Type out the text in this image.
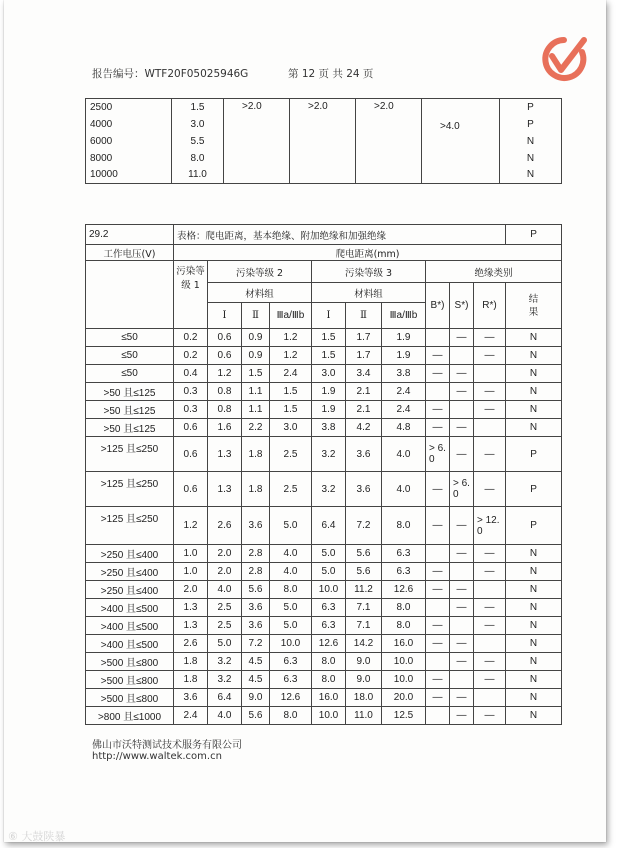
报告编号：WTF20F05025946G	第 12 页 共 24 页
2500	1.5	>2.0	>2.0	>2.0	>4.0	P
4000	3.0					P
6000	5.5					N
8000	8.0					N
10000	11.0					N
29.2	表格：爬电距离，基本绝缘、附加绝缘和加强绝缘										P
工作电压(V)	爬电距离(mm)										
	污染等级 1	污染等级 2			污染等级 3			绝缘类别			
		材料组			材料组			B*)	S*)	R*)	结果

		Ⅰ	Ⅱ	Ⅲa/Ⅲb	Ⅰ	Ⅱ	Ⅲa/Ⅲb				
≤50	0.2	0.6	0.9	1.2	1.5	1.7	1.9		—	—	N
≤50	0.2	0.6	0.9	1.2	1.5	1.7	1.9	—		—	N
≤50	0.4	1.2	1.5	2.4	3.0	3.4	3.8	—	—		N
>50 且≤125	0.3	0.8	1.1	1.5	1.9	2.1	2.4		—	—	N
>50 且≤125	0.3	0.8	1.1	1.5	1.9	2.1	2.4	—		—	N
>50 且≤125	0.6	1.6	2.2	3.0	3.8	4.2	4.8	—	—		N
>125 且≤250	0.6	1.3	1.8	2.5	3.2	3.6	4.0	> 6.0	—	—	P
>125 且≤250	0.6	1.3	1.8	2.5	3.2	3.6	4.0	—	> 6.0	—	P
>125 且≤250	1.2	2.6	3.6	5.0	6.4	7.2	8.0	—	—	> 12. 0	P
>250 且≤400	1.0	2.0	2.8	4.0	5.0	5.6	6.3		—	—	N
>250 且≤400	1.0	2.0	2.8	4.0	5.0	5.6	6.3	—		—	N
>250 且≤400	2.0	4.0	5.6	8.0	10.0	11.2	12.6	—	—		N
>400 且≤500	1.3	2.5	3.6	5.0	6.3	7.1	8.0		—	—	N
>400 且≤500	1.3	2.5	3.6	5.0	6.3	7.1	8.0	—		—	N
>400 且≤500	2.6	5.0	7.2	10.0	12.6	14.2	16.0	—	—		N
>500 且≤800	1.8	3.2	4.5	6.3	8.0	9.0	10.0		—	—	N
>500 且≤800	1.8	3.2	4.5	6.3	8.0	9.0	10.0	—		—	N
>500 且≤800	3.6	6.4	9.0	12.6	16.0	18.0	20.0	—	—		N
>800 且≤1000	2.4	4.0	5.6	8.0	10.0	11.0	12.5		—	—	N
佛山市沃特测试技术服务有限公司
http://www.waltek.com.cn
⑥ 大鼓陕暴
